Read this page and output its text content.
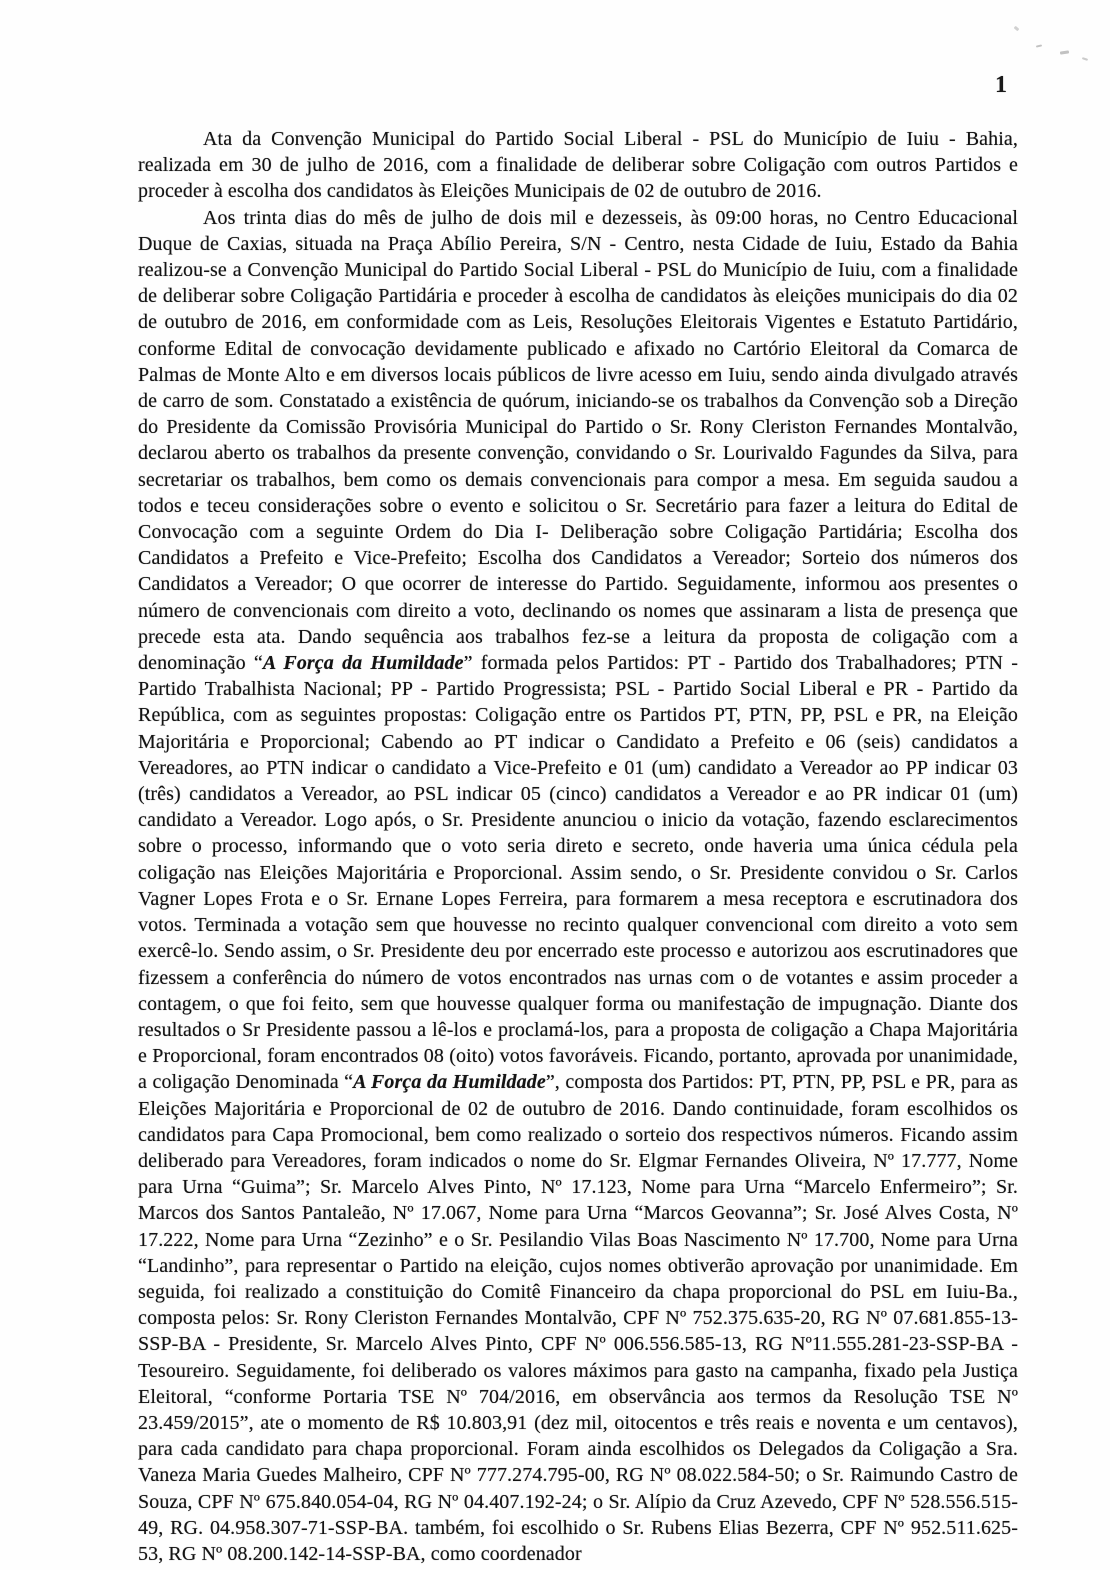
1

Ata da Convenção Municipal do Partido Social Liberal - PSL do Município de Iuiu - Bahia, realizada em 30 de julho de 2016, com a finalidade de deliberar sobre Coligação com outros Partidos e proceder à escolha dos candidatos às Eleições Municipais de 02 de outubro de 2016.

Aos trinta dias do mês de julho de dois mil e dezesseis, às 09:00 horas, no Centro Educacional Duque de Caxias, situada na Praça Abílio Pereira, S/N - Centro, nesta Cidade de Iuiu, Estado da Bahia realizou-se a Convenção Municipal do Partido Social Liberal - PSL do Município de Iuiu, com a finalidade de deliberar sobre Coligação Partidária e proceder à escolha de candidatos às eleições municipais do dia 02 de outubro de 2016, em conformidade com as Leis, Resoluções Eleitorais Vigentes e Estatuto Partidário, conforme Edital de convocação devidamente publicado e afixado no Cartório Eleitoral da Comarca de Palmas de Monte Alto e em diversos locais públicos de livre acesso em Iuiu, sendo ainda divulgado através de carro de som. Constatado a existência de quórum, iniciando-se os trabalhos da Convenção sob a Direção do Presidente da Comissão Provisória Municipal do Partido o Sr. Rony Cleriston Fernandes Montalvão, declarou aberto os trabalhos da presente convenção, convidando o Sr. Lourivaldo Fagundes da Silva, para secretariar os trabalhos, bem como os demais convencionais para compor a mesa. Em seguida saudou a todos e teceu considerações sobre o evento e solicitou o Sr. Secretário para fazer a leitura do Edital de Convocação com a seguinte Ordem do Dia I- Deliberação sobre Coligação Partidária; Escolha dos Candidatos a Prefeito e Vice-Prefeito; Escolha dos Candidatos a Vereador; Sorteio dos números dos Candidatos a Vereador; O que ocorrer de interesse do Partido. Seguidamente, informou aos presentes o número de convencionais com direito a voto, declinando os nomes que assinaram a lista de presença que precede esta ata. Dando sequência aos trabalhos fez-se a leitura da proposta de coligação com a denominação “A Força da Humildade” formada pelos Partidos: PT - Partido dos Trabalhadores; PTN - Partido Trabalhista Nacional; PP - Partido Progressista; PSL - Partido Social Liberal e PR - Partido da República, com as seguintes propostas: Coligação entre os Partidos PT, PTN, PP, PSL e PR, na Eleição Majoritária e Proporcional; Cabendo ao PT indicar o Candidato a Prefeito e 06 (seis) candidatos a Vereadores, ao PTN indicar o candidato a Vice-Prefeito e 01 (um) candidato a Vereador ao PP indicar 03 (três) candidatos a Vereador, ao PSL indicar 05 (cinco) candidatos a Vereador e ao PR indicar 01 (um) candidato a Vereador. Logo após, o Sr. Presidente anunciou o inicio da votação, fazendo esclarecimentos sobre o processo, informando que o voto seria direto e secreto, onde haveria uma única cédula pela coligação nas Eleições Majoritária e Proporcional. Assim sendo, o Sr. Presidente convidou o Sr. Carlos Vagner Lopes Frota e o Sr. Ernane Lopes Ferreira, para formarem a mesa receptora e escrutinadora dos votos. Terminada a votação sem que houvesse no recinto qualquer convencional com direito a voto sem exercê-lo. Sendo assim, o Sr. Presidente deu por encerrado este processo e autorizou aos escrutinadores que fizessem a conferência do número de votos encontrados nas urnas com o de votantes e assim proceder a contagem, o que foi feito, sem que houvesse qualquer forma ou manifestação de impugnação. Diante dos resultados o Sr Presidente passou a lê-los e proclamá-los, para a proposta de coligação a Chapa Majoritária e Proporcional, foram encontrados 08 (oito) votos favoráveis. Ficando, portanto, aprovada por unanimidade, a coligação Denominada “A Força da Humildade”, composta dos Partidos: PT, PTN, PP, PSL e PR, para as Eleições Majoritária e Proporcional de 02 de outubro de 2016. Dando continuidade, foram escolhidos os candidatos para Capa Promocional, bem como realizado o sorteio dos respectivos números. Ficando assim deliberado para Vereadores, foram indicados o nome do Sr. Elgmar Fernandes Oliveira, Nº 17.777, Nome para Urna “Guima”; Sr. Marcelo Alves Pinto, Nº 17.123, Nome para Urna “Marcelo Enfermeiro”; Sr. Marcos dos Santos Pantaleão, Nº 17.067, Nome para Urna “Marcos Geovanna”; Sr. José Alves Costa, Nº 17.222, Nome para Urna “Zezinho” e o Sr. Pesilandio Vilas Boas Nascimento Nº 17.700, Nome para Urna “Landinho”, para representar o Partido na eleição, cujos nomes obtiverão aprovação por unanimidade. Em seguida, foi realizado a constituição do Comitê Financeiro da chapa proporcional do PSL em Iuiu-Ba., composta pelos: Sr. Rony Cleriston Fernandes Montalvão, CPF Nº 752.375.635-20, RG Nº 07.681.855-13-SSP-BA - Presidente, Sr. Marcelo Alves Pinto, CPF Nº 006.556.585-13, RG Nº11.555.281-23-SSP-BA - Tesoureiro. Seguidamente, foi deliberado os valores máximos para gasto na campanha, fixado pela Justiça Eleitoral, “conforme Portaria TSE Nº 704/2016, em observância aos termos da Resolução TSE Nº 23.459/2015”, ate o momento de R$ 10.803,91 (dez mil, oitocentos e três reais e noventa e um centavos), para cada candidato para chapa proporcional. Foram ainda escolhidos os Delegados da Coligação a Sra. Vaneza Maria Guedes Malheiro, CPF Nº 777.274.795-00, RG Nº 08.022.584-50; o Sr. Raimundo Castro de Souza, CPF Nº 675.840.054-04, RG Nº 04.407.192-24; o Sr. Alípio da Cruz Azevedo, CPF Nº 528.556.515-49, RG. 04.958.307-71-SSP-BA. também, foi escolhido o Sr. Rubens Elias Bezerra, CPF Nº 952.511.625-53, RG Nº 08.200.142-14-SSP-BA, como coordenador
